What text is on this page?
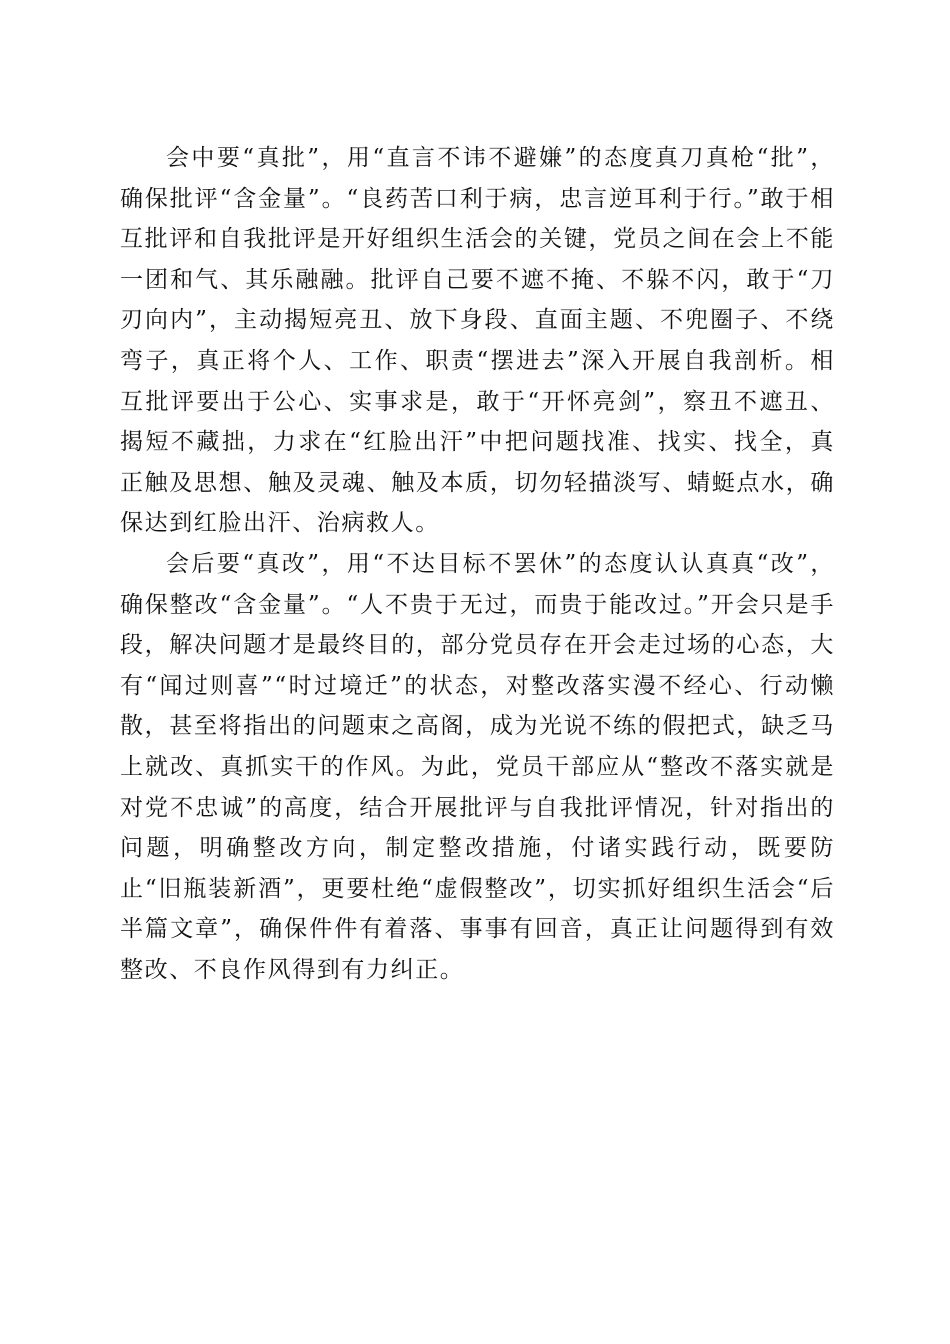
会中要“真批”，用“直言不讳不避嫌”的态度真刀真枪“批”，确保批评“含金量”。“良药苦口利于病，忠言逆耳利于行。”敢于相互批评和自我批评是开好组织生活会的关键，党员之间在会上不能一团和气、其乐融融。批评自己要不遮不掩、不躲不闪，敢于“刀刃向内”，主动揭短亮丑、放下身段、直面主题、不兜圈子、不绕弯子，真正将个人、工作、职责“摆进去”深入开展自我剖析。相互批评要出于公心、实事求是，敢于“开怀亮剑”，察丑不遮丑、揭短不藏拙，力求在“红脸出汗”中把问题找准、找实、找全，真正触及思想、触及灵魂、触及本质，切勿轻描淡写、蜻蜓点水，确保达到红脸出汗、治病救人。

会后要“真改”，用“不达目标不罢休”的态度认认真真“改”，确保整改“含金量”。“人不贵于无过，而贵于能改过。”开会只是手段，解决问题才是最终目的，部分党员存在开会走过场的心态，大有“闻过则喜”“时过境迁”的状态，对整改落实漫不经心、行动懒散，甚至将指出的问题束之高阁，成为光说不练的假把式，缺乏马上就改、真抓实干的作风。为此，党员干部应从“整改不落实就是对党不忠诚”的高度，结合开展批评与自我批评情况，针对指出的问题，明确整改方向，制定整改措施，付诸实践行动，既要防止“旧瓶装新酒”，更要杜绝“虚假整改”，切实抓好组织生活会“后半篇文章”，确保件件有着落、事事有回音，真正让问题得到有效整改、不良作风得到有力纠正。
